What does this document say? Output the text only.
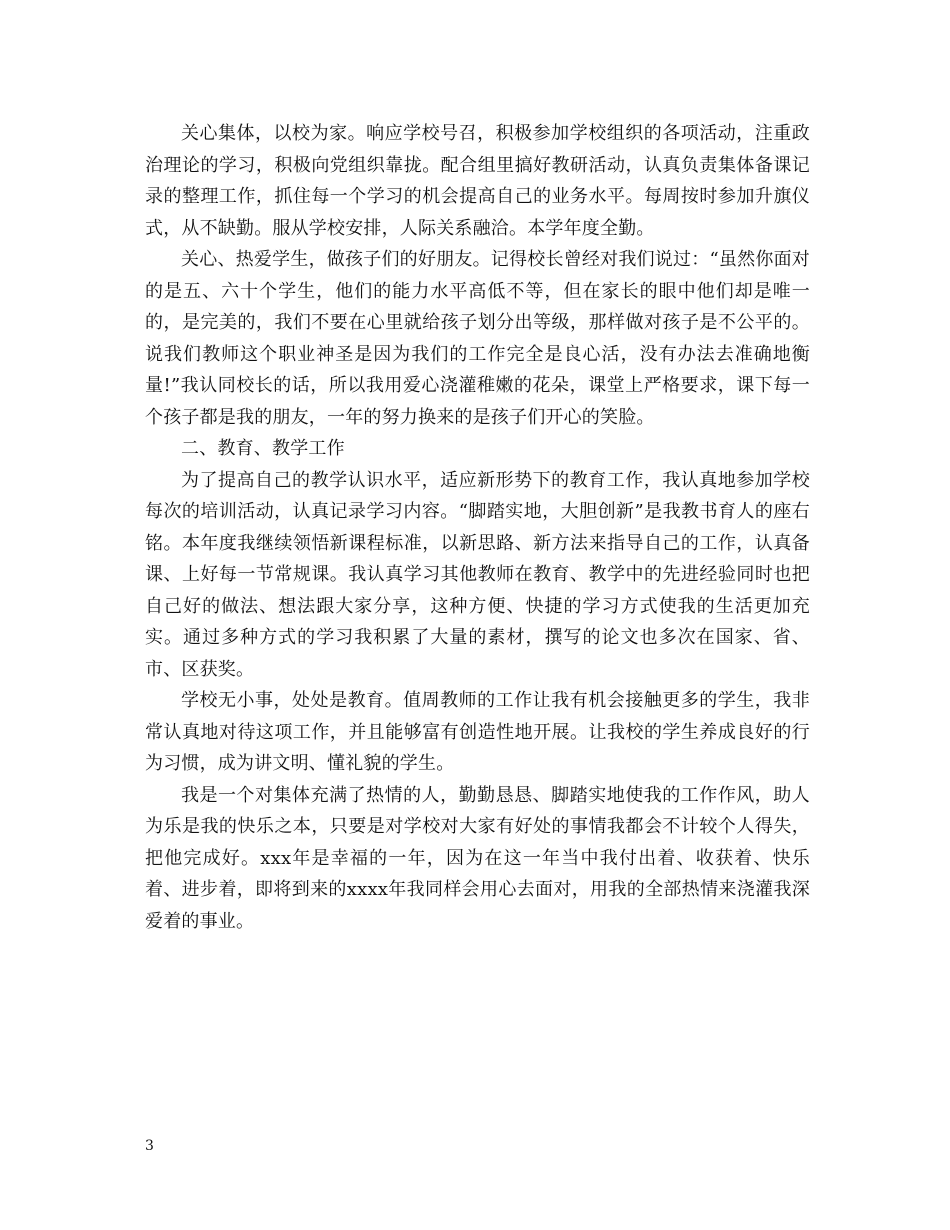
关心集体，以校为家。响应学校号召，积极参加学校组织的各项活动，注重政治理论的学习，积极向党组织靠拢。配合组里搞好教研活动，认真负责集体备课记录的整理工作，抓住每一个学习的机会提高自己的业务水平。每周按时参加升旗仪式，从不缺勤。服从学校安排，人际关系融洽。本学年度全勤。

关心、热爱学生，做孩子们的好朋友。记得校长曾经对我们说过：“虽然你面对的是五、六十个学生，他们的能力水平高低不等，但在家长的眼中他们却是唯一的，是完美的，我们不要在心里就给孩子划分出等级，那样做对孩子是不公平的。说我们教师这个职业神圣是因为我们的工作完全是良心活，没有办法去准确地衡量!”我认同校长的话，所以我用爱心浇灌稚嫩的花朵，课堂上严格要求，课下每一个孩子都是我的朋友，一年的努力换来的是孩子们开心的笑脸。

二、教育、教学工作

为了提高自己的教学认识水平，适应新形势下的教育工作，我认真地参加学校每次的培训活动，认真记录学习内容。“脚踏实地，大胆创新”是我教书育人的座右铭。本年度我继续领悟新课程标准，以新思路、新方法来指导自己的工作，认真备课、上好每一节常规课。我认真学习其他教师在教育、教学中的先进经验同时也把自己好的做法、想法跟大家分享，这种方便、快捷的学习方式使我的生活更加充实。通过多种方式的学习我积累了大量的素材，撰写的论文也多次在国家、省、市、区获奖。

学校无小事，处处是教育。值周教师的工作让我有机会接触更多的学生，我非常认真地对待这项工作，并且能够富有创造性地开展。让我校的学生养成良好的行为习惯，成为讲文明、懂礼貌的学生。

我是一个对集体充满了热情的人，勤勤恳恳、脚踏实地使我的工作作风，助人为乐是我的快乐之本，只要是对学校对大家有好处的事情我都会不计较个人得失，把他完成好。xxx年是幸福的一年，因为在这一年当中我付出着、收获着、快乐着、进步着，即将到来的xxxx年我同样会用心去面对，用我的全部热情来浇灌我深爱着的事业。

3
